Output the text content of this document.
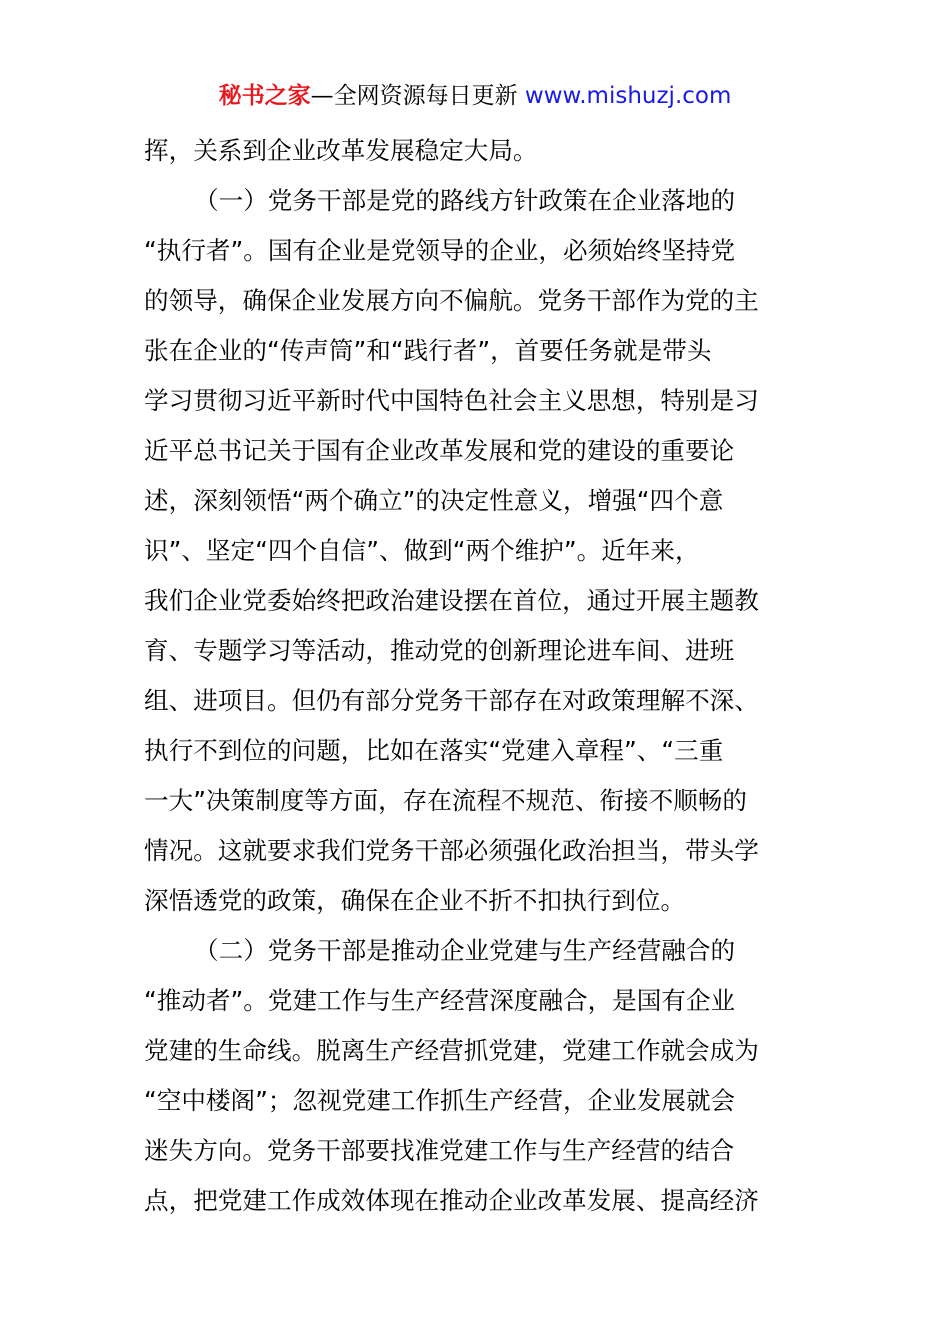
秘书之家—全网资源每日更新 www.mishuzj.com
挥，关系到企业改革发展稳定大局。
（一）党务干部是党的路线方针政策在企业落地的
“执行者”。国有企业是党领导的企业，必须始终坚持党
的领导，确保企业发展方向不偏航。党务干部作为党的主
张在企业的“传声筒”和“践行者”，首要任务就是带头
学习贯彻习近平新时代中国特色社会主义思想，特别是习
近平总书记关于国有企业改革发展和党的建设的重要论
述，深刻领悟“两个确立”的决定性意义，增强“四个意
识”、坚定“四个自信”、做到“两个维护”。近年来，
我们企业党委始终把政治建设摆在首位，通过开展主题教
育、专题学习等活动，推动党的创新理论进车间、进班
组、进项目。但仍有部分党务干部存在对政策理解不深、
执行不到位的问题，比如在落实“党建入章程”、“三重
一大”决策制度等方面，存在流程不规范、衔接不顺畅的
情况。这就要求我们党务干部必须强化政治担当，带头学
深悟透党的政策，确保在企业不折不扣执行到位。
（二）党务干部是推动企业党建与生产经营融合的
“推动者”。党建工作与生产经营深度融合，是国有企业
党建的生命线。脱离生产经营抓党建，党建工作就会成为
“空中楼阁”；忽视党建工作抓生产经营，企业发展就会
迷失方向。党务干部要找准党建工作与生产经营的结合
点，把党建工作成效体现在推动企业改革发展、提高经济
